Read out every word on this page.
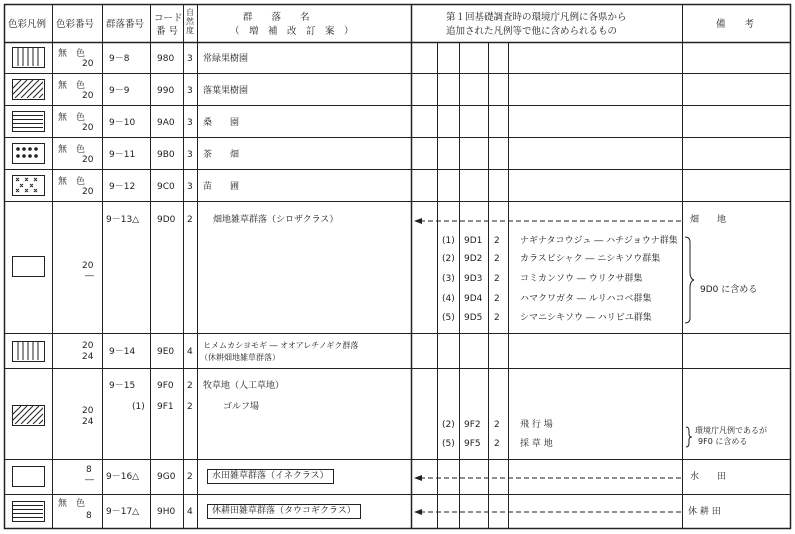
色彩凡例 色彩番号 群落番号
コード
番 号
自然度
群　　落　　名
（　増　補　改　訂　案　）
第１回基礎調査時の環境庁凡例に各県から
追加された凡例等で他に含められるもの
備　　考
無　色
20 9－8	980 3 常緑果樹園
無　色
20 9－9	990 3 落葉果樹園
無　色
20 9－10 9A0 3 桑　　園
無　色
20 9－11 9B0 3 茶　　畑
無　色
20 9－12 9C0 3 苗　　圃
20
―
9－13△ 9D0 2 畑地雑草群落（シロザクラス）	畑　　地
(1) 9D1 2 ナギナタコウジュ ― ハチジョウナ群集
(2) 9D2 2 カラスビシャク ― ニシキソウ群集
(3) 9D3 2 コミカンソウ ― ウリクサ群集
(4) 9D4 2 ハマクワガタ ― ルリハコベ群集
(5) 9D5 2 シマニシキソウ ― ハリビユ群集
9D0 に含める
20
24 9－14 9E0 4
ヒメムカシヨモギ ― オオアレチノギク群落
（休耕畑地雑草群落）
20
24
9－15 9F0 2 牧草地（人工草地）
(1) 9F1 2	ゴルフ場
(2) 9F2 2 飛 行 場
(5) 9F5 2 採 草 地
環境庁凡例であるが
9F0 に含める
8
― 9－16△ 9G0 2	水田雑草群落（イネクラス）	水　　田
無　色
8 9－17△ 9H0 4	休耕田雑草群落（タウコギクラス）	休 耕 田
